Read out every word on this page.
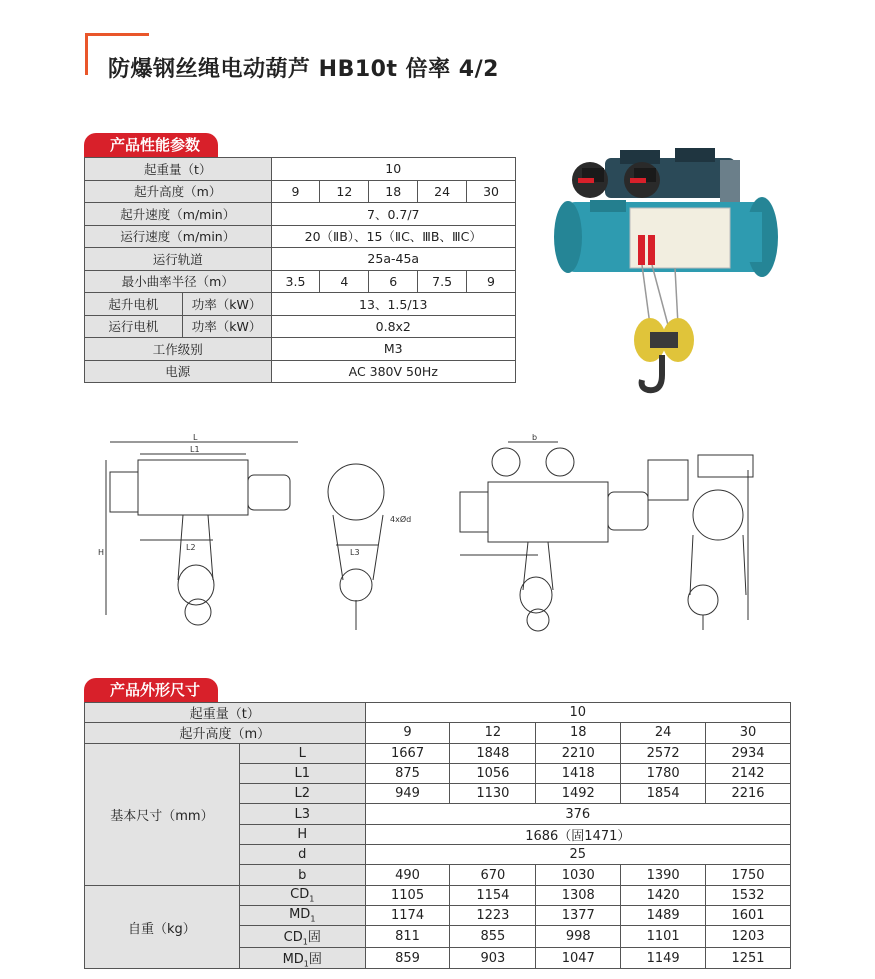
防爆钢丝绳电动葫芦 HB10t 倍率 4/2
产品性能参数
起重量（t）		10				
起升高度（m）		9	12	18	24	30
起升速度（m/min）		7、0.7/7				
运行速度（m/min）		20（ⅡB）、15（ⅡC、ⅢB、ⅢC）				
运行轨道		25a-45a				
最小曲率半径（m）		3.5	4	6	7.5	9
起升电机	功率（kW）	13、1.5/13				
运行电机	功率（kW）	0.8x2				
工作级别		M3				
电源		AC 380V 50Hz				
L
L1
L2
H	L3
4xØd
b
产品外形尺寸
起重量（t）		10				
起升高度（m）		9	12	18	24	30
基本尺寸（mm）	L	1667	1848	2210	2572	2934
	L1	875	1056	1418	1780	2142
	L2	949	1130	1492	1854	2216
	L3	376				
	H	1686（固1471）				
	d	25				
	b	490	670	1030	1390	1750
自重（kg）	$CD_1$	1105	1154	1308	1420	1532
	$MD_1$	1174	1223	1377	1489	1601
	$CD_1$固	811	855	998	1101	1203
	$MD_1$固	859	903	1047	1149	1251
